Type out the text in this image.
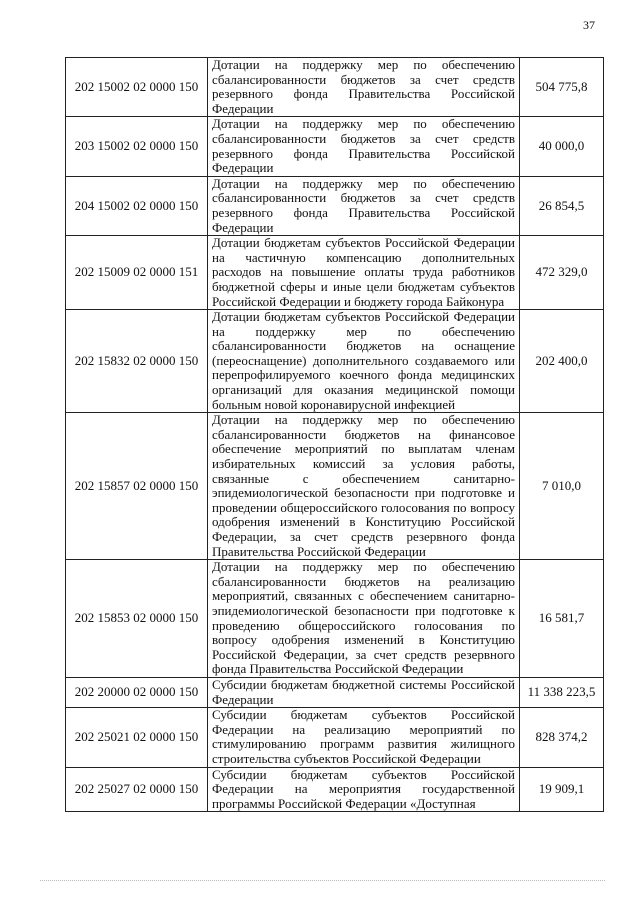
37
202 15002 02 0000 150	Дотации на поддержку мер по обеспечению сбалансированности бюджетов за счет средств резервного фонда Правительства Российской Федерации	504 775,8
203 15002 02 0000 150	Дотации на поддержку мер по обеспечению сбалансированности бюджетов за счет средств резервного фонда Правительства Российской Федерации	40 000,0
204 15002 02 0000 150	Дотации на поддержку мер по обеспечению сбалансированности бюджетов за счет средств резервного фонда Правительства Российской Федерации	26 854,5
202 15009 02 0000 151	Дотации бюджетам субъектов Российской Федерации на частичную компенсацию дополнительных расходов на повышение оплаты труда работников бюджетной сферы и иные цели бюджетам субъектов Российской Федерации и бюджету города Байконура	472 329,0
202 15832 02 0000 150	Дотации бюджетам субъектов Российской Федерации на поддержку мер по обеспечению сбалансированности бюджетов на оснащение (переоснащение) дополнительного создаваемого или перепрофилируемого коечного фонда медицинских организаций для оказания медицинской помощи больным новой коронавирусной инфекцией	202 400,0
202 15857 02 0000 150	Дотации на поддержку мер по обеспечению сбалансированности бюджетов на финансовое обеспечение мероприятий по выплатам членам избирательных комиссий за условия работы, связанные с обеспечением санитарно-эпидемиологической безопасности при подготовке и проведении общероссийского голосования по вопросу одобрения изменений в Конституцию Российской Федерации, за счет средств резервного фонда Правительства Российской Федерации	7 010,0
202 15853 02 0000 150	Дотации на поддержку мер по обеспечению сбалансированности бюджетов на реализацию мероприятий, связанных с обеспечением санитарно-эпидемиологической безопасности при подготовке к проведению общероссийского голосования по вопросу одобрения изменений в Конституцию Российской Федерации, за счет средств резервного фонда Правительства Российской Федерации	16 581,7
202 20000 02 0000 150	Субсидии бюджетам бюджетной системы Российской Федерации	11 338 223,5
202 25021 02 0000 150	Субсидии бюджетам субъектов Российской Федерации на реализацию мероприятий по стимулированию программ развития жилищного строительства субъектов Российской Федерации	828 374,2
202 25027 02 0000 150	Субсидии бюджетам субъектов Российской Федерации на мероприятия государственной программы Российской Федерации «Доступная	19 909,1
